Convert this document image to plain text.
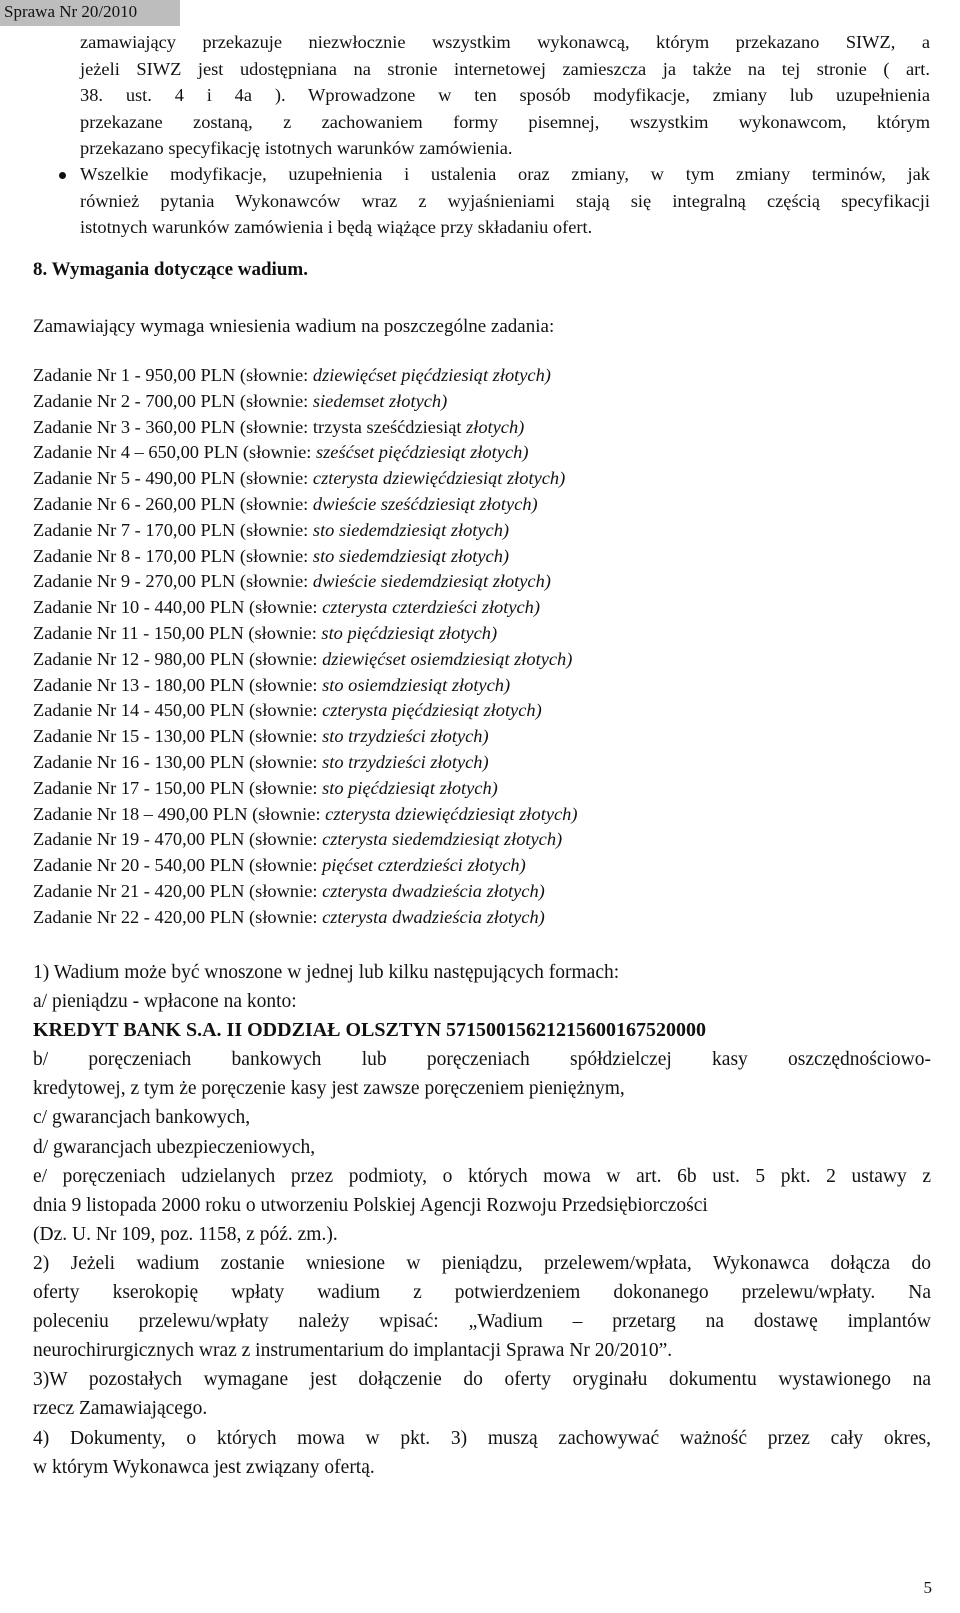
Sprawa Nr 20/2010
zamawiający przekazuje niezwłocznie wszystkim wykonawcą, którym przekazano SIWZ, a
jeżeli SIWZ jest udostępniana na stronie internetowej zamieszcza ja także na tej stronie ( art.
38. ust. 4 i 4a ). Wprowadzone w ten sposób modyfikacje, zmiany lub uzupełnienia
przekazane zostaną, z zachowaniem formy pisemnej, wszystkim wykonawcom, którym
przekazano specyfikację istotnych warunków zamówienia.
Wszelkie modyfikacje, uzupełnienia i ustalenia oraz zmiany, w tym zmiany terminów, jak
również pytania Wykonawców wraz z wyjaśnieniami stają się integralną częścią specyfikacji
istotnych warunków zamówienia i będą wiążące przy składaniu ofert.
8. Wymagania dotyczące wadium.
Zamawiający wymaga wniesienia wadium na poszczególne zadania:
Zadanie Nr 1 - 950,00 PLN (słownie: dziewięćset pięćdziesiąt złotych)
Zadanie Nr 2 - 700,00 PLN (słownie: siedemset złotych)
Zadanie Nr 3 - 360,00 PLN (słownie: trzysta sześćdziesiąt złotych)
Zadanie Nr 4 – 650,00 PLN (słownie: sześćset pięćdziesiąt złotych)
Zadanie Nr 5 - 490,00 PLN (słownie: czterysta dziewięćdziesiąt złotych)
Zadanie Nr 6 - 260,00 PLN (słownie: dwieście sześćdziesiąt złotych)
Zadanie Nr 7 - 170,00 PLN (słownie: sto siedemdziesiąt złotych)
Zadanie Nr 8 - 170,00 PLN (słownie: sto siedemdziesiąt złotych)
Zadanie Nr 9 - 270,00 PLN (słownie: dwieście siedemdziesiąt złotych)
Zadanie Nr 10 - 440,00 PLN (słownie: czterysta czterdzieści złotych)
Zadanie Nr 11 - 150,00 PLN (słownie: sto pięćdziesiąt złotych)
Zadanie Nr 12 - 980,00 PLN (słownie: dziewięćset osiemdziesiąt złotych)
Zadanie Nr 13 - 180,00 PLN (słownie: sto osiemdziesiąt złotych)
Zadanie Nr 14 - 450,00 PLN (słownie: czterysta pięćdziesiąt złotych)
Zadanie Nr 15 - 130,00 PLN (słownie: sto trzydzieści złotych)
Zadanie Nr 16 - 130,00 PLN (słownie: sto trzydzieści złotych)
Zadanie Nr 17 - 150,00 PLN (słownie: sto pięćdziesiąt złotych)
Zadanie Nr 18 – 490,00 PLN (słownie: czterysta dziewięćdziesiąt złotych)
Zadanie Nr 19 - 470,00 PLN (słownie: czterysta siedemdziesiąt złotych)
Zadanie Nr 20 - 540,00 PLN (słownie: pięćset czterdzieści złotych)
Zadanie Nr 21 - 420,00 PLN (słownie: czterysta dwadzieścia złotych)
Zadanie Nr 22 - 420,00 PLN (słownie: czterysta dwadzieścia złotych)
1) Wadium może być wnoszone w jednej lub kilku następujących formach:
a/ pieniądzu - wpłacone na konto:
KREDYT BANK S.A. II ODDZIAŁ OLSZTYN 57150015621215600167520000
b/ poręczeniach bankowych lub poręczeniach spółdzielczej kasy oszczędnościowo-
kredytowej, z tym że poręczenie kasy jest zawsze poręczeniem pieniężnym,
c/ gwarancjach bankowych,
d/ gwarancjach ubezpieczeniowych,
e/ poręczeniach udzielanych przez podmioty, o których mowa w art. 6b ust. 5 pkt. 2 ustawy z
dnia 9 listopada 2000 roku o utworzeniu Polskiej Agencji Rozwoju Przedsiębiorczości
(Dz. U. Nr 109, poz. 1158, z póź. zm.).
2) Jeżeli wadium zostanie wniesione w pieniądzu, przelewem/wpłata, Wykonawca dołącza do
oferty kserokopię wpłaty wadium z potwierdzeniem dokonanego przelewu/wpłaty. Na
poleceniu przelewu/wpłaty należy wpisać: „Wadium – przetarg na dostawę implantów
neurochirurgicznych wraz z instrumentarium do implantacji Sprawa Nr 20/2010”.
3)W pozostałych wymagane jest dołączenie do oferty oryginału dokumentu wystawionego na
rzecz Zamawiającego.
4) Dokumenty, o których mowa w pkt. 3) muszą zachowywać ważność przez cały okres,
w którym Wykonawca jest związany ofertą.
5
